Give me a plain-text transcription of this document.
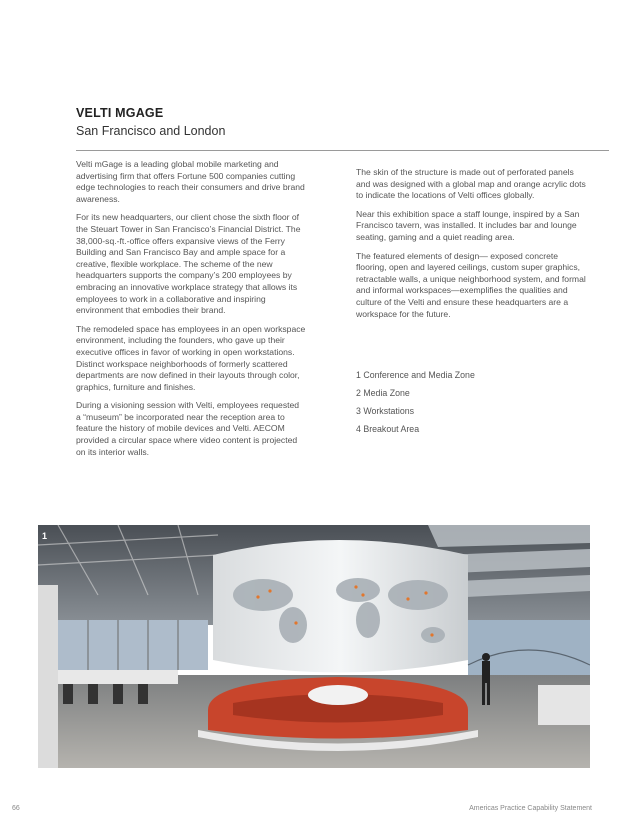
VELTI MGAGE
San Francisco and London

Velti mGage is a leading global mobile marketing and advertising firm that offers Fortune 500 companies cutting edge technologies to reach their consumers and drive brand awareness.

For its new headquarters, our client chose the sixth floor of the Steuart Tower in San Francisco’s Financial District. The 38,000-sq.-ft.-office offers expansive views of the Ferry Building and San Francisco Bay and ample space for a creative, flexible workplace. The scheme of the new headquarters supports the company’s 200 employees by embracing an innovative workplace strategy that allows its employees to work in a collaborative and inspiring environment that embodies their brand.

The remodeled space has employees in an open workspace environment, including the founders, who gave up their executive offices in favor of working in open workstations. Distinct workspace neighborhoods of formerly scattered departments are now defined in their layouts through color, graphics, furniture and finishes.

During a visioning session with Velti, employees requested a “museum” be incorporated near the reception area to feature the history of mobile devices and Velti. AECOM provided a circular space where video content is projected on its interior walls.

The skin of the structure is made out of perforated panels and was designed with a global map and orange acrylic dots to indicate the locations of Velti offices globally.

Near this exhibition space a staff lounge, inspired by a San Francisco tavern, was installed. It includes bar and lounge seating, gaming and a quiet reading area.

The featured elements of design— exposed concrete flooring, open and layered ceilings, custom super graphics, retractable walls, a unique neighborhood system, and formal and informal workspaces—exemplifies the qualities and culture of the Velti and ensure these headquarters are a workspace for the future.

1 Conference and Media Zone
2 Media Zone
3 Workstations
4 Breakout Area
1
66	Americas Practice Capability Statement
